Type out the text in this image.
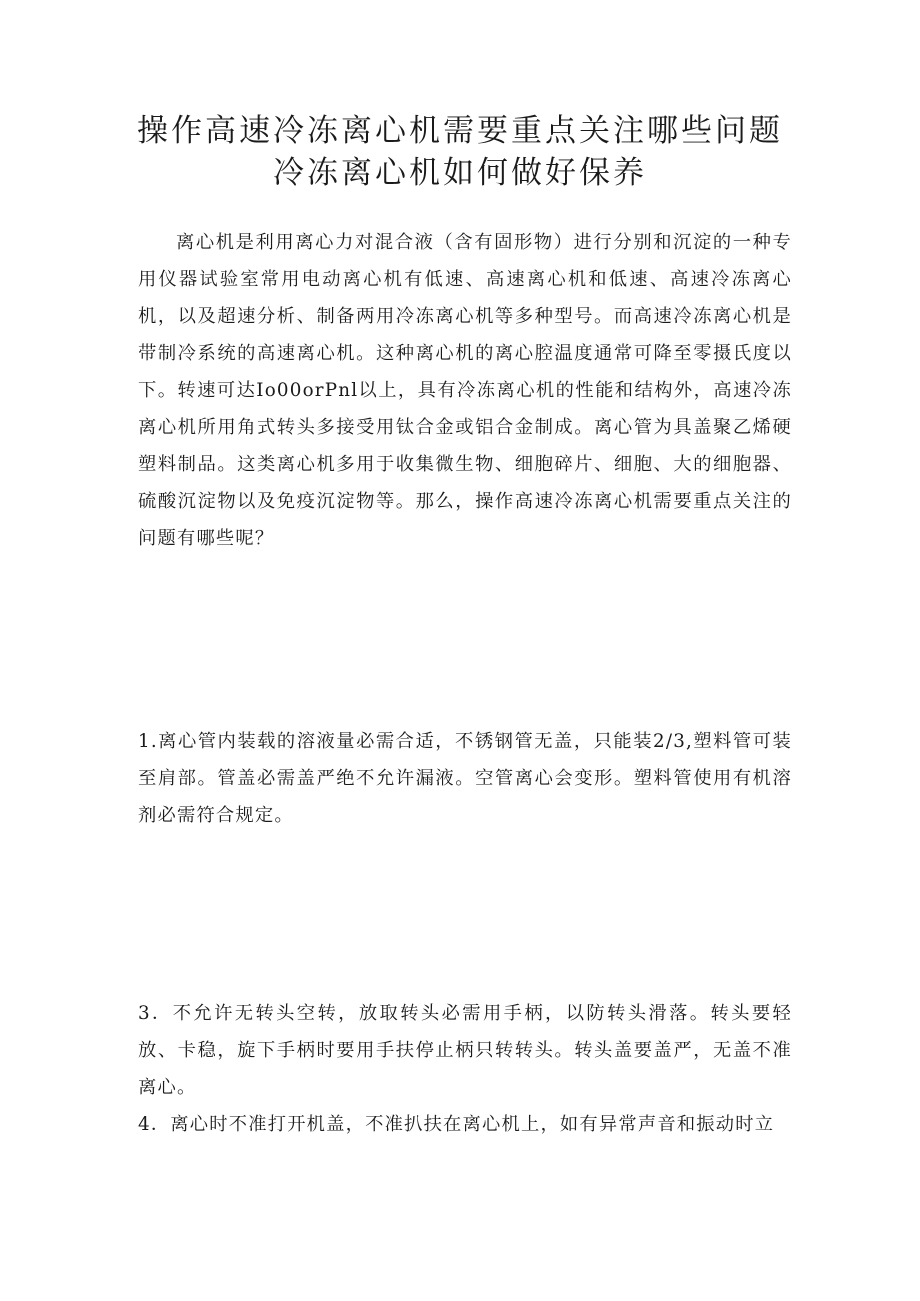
操作高速冷冻离心机需要重点关注哪些问题
冷冻离心机如何做好保养

离心机是利用离心力对混合液（含有固形物）进行分别和沉淀的一种专用仪器试验室常用电动离心机有低速、高速离心机和低速、高速冷冻离心机，以及超速分析、制备两用冷冻离心机等多种型号。而高速冷冻离心机是带制冷系统的高速离心机。这种离心机的离心腔温度通常可降至零摄氏度以下。转速可达Io00orPnl以上，具有冷冻离心机的性能和结构外，高速冷冻离心机所用角式转头多接受用钛合金或铝合金制成。离心管为具盖聚乙烯硬塑料制品。这类离心机多用于收集微生物、细胞碎片、细胞、大的细胞器、硫酸沉淀物以及免疫沉淀物等。那么，操作高速冷冻离心机需要重点关注的问题有哪些呢？

1.离心管内装载的溶液量必需合适，不锈钢管无盖，只能装2/3,塑料管可装至肩部。管盖必需盖严绝不允许漏液。空管离心会变形。塑料管使用有机溶剂必需符合规定。

3．不允许无转头空转，放取转头必需用手柄，以防转头滑落。转头要轻放、卡稳，旋下手柄时要用手扶停止柄只转转头。转头盖要盖严，无盖不准离心。

4．离心时不准打开机盖，不准扒扶在离心机上，如有异常声音和振动时立
